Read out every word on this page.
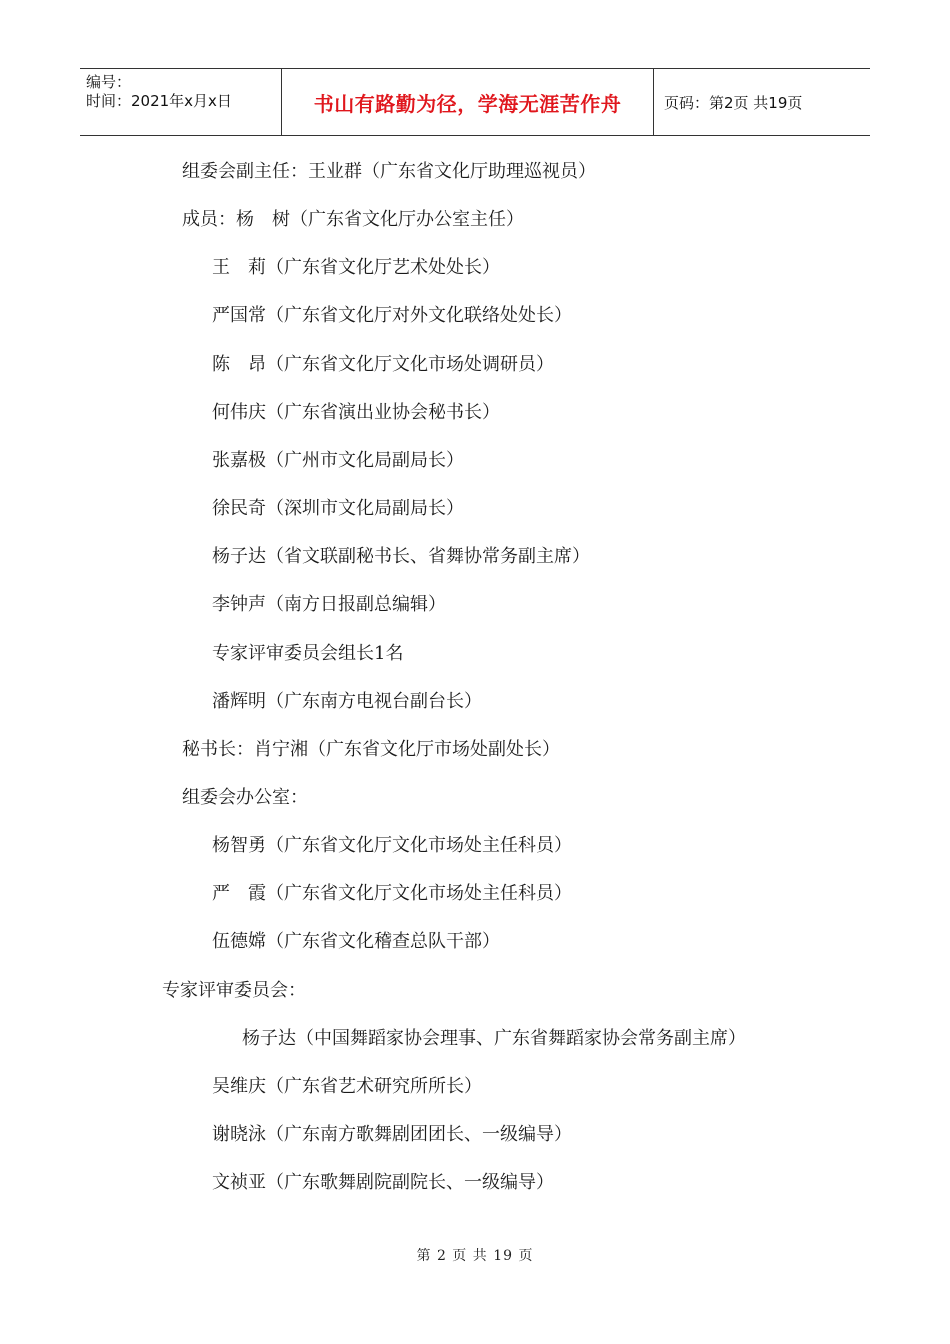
编号：
时间：2021年x月x日	书山有路勤为径，学海无涯苦作舟	页码：第2页 共19页
组委会副主任：王业群（广东省文化厅助理巡视员）
成员：杨　树（广东省文化厅办公室主任）
王　莉（广东省文化厅艺术处处长）
严国常（广东省文化厅对外文化联络处处长）
陈　昂（广东省文化厅文化市场处调研员）
何伟庆（广东省演出业协会秘书长）
张嘉极（广州市文化局副局长）
徐民奇（深圳市文化局副局长）
杨子达（省文联副秘书长、省舞协常务副主席）
李钟声（南方日报副总编辑）
专家评审委员会组长1名
潘辉明（广东南方电视台副台长）
秘书长：肖宁湘（广东省文化厅市场处副处长）
组委会办公室：
杨智勇（广东省文化厅文化市场处主任科员）
严　霞（广东省文化厅文化市场处主任科员）
伍德嫦（广东省文化稽查总队干部）
专家评审委员会：
杨子达（中国舞蹈家协会理事、广东省舞蹈家协会常务副主席）
吴维庆（广东省艺术研究所所长）
谢晓泳（广东南方歌舞剧团团长、一级编导）
文祯亚（广东歌舞剧院副院长、一级编导）
第 2 页 共 19 页
